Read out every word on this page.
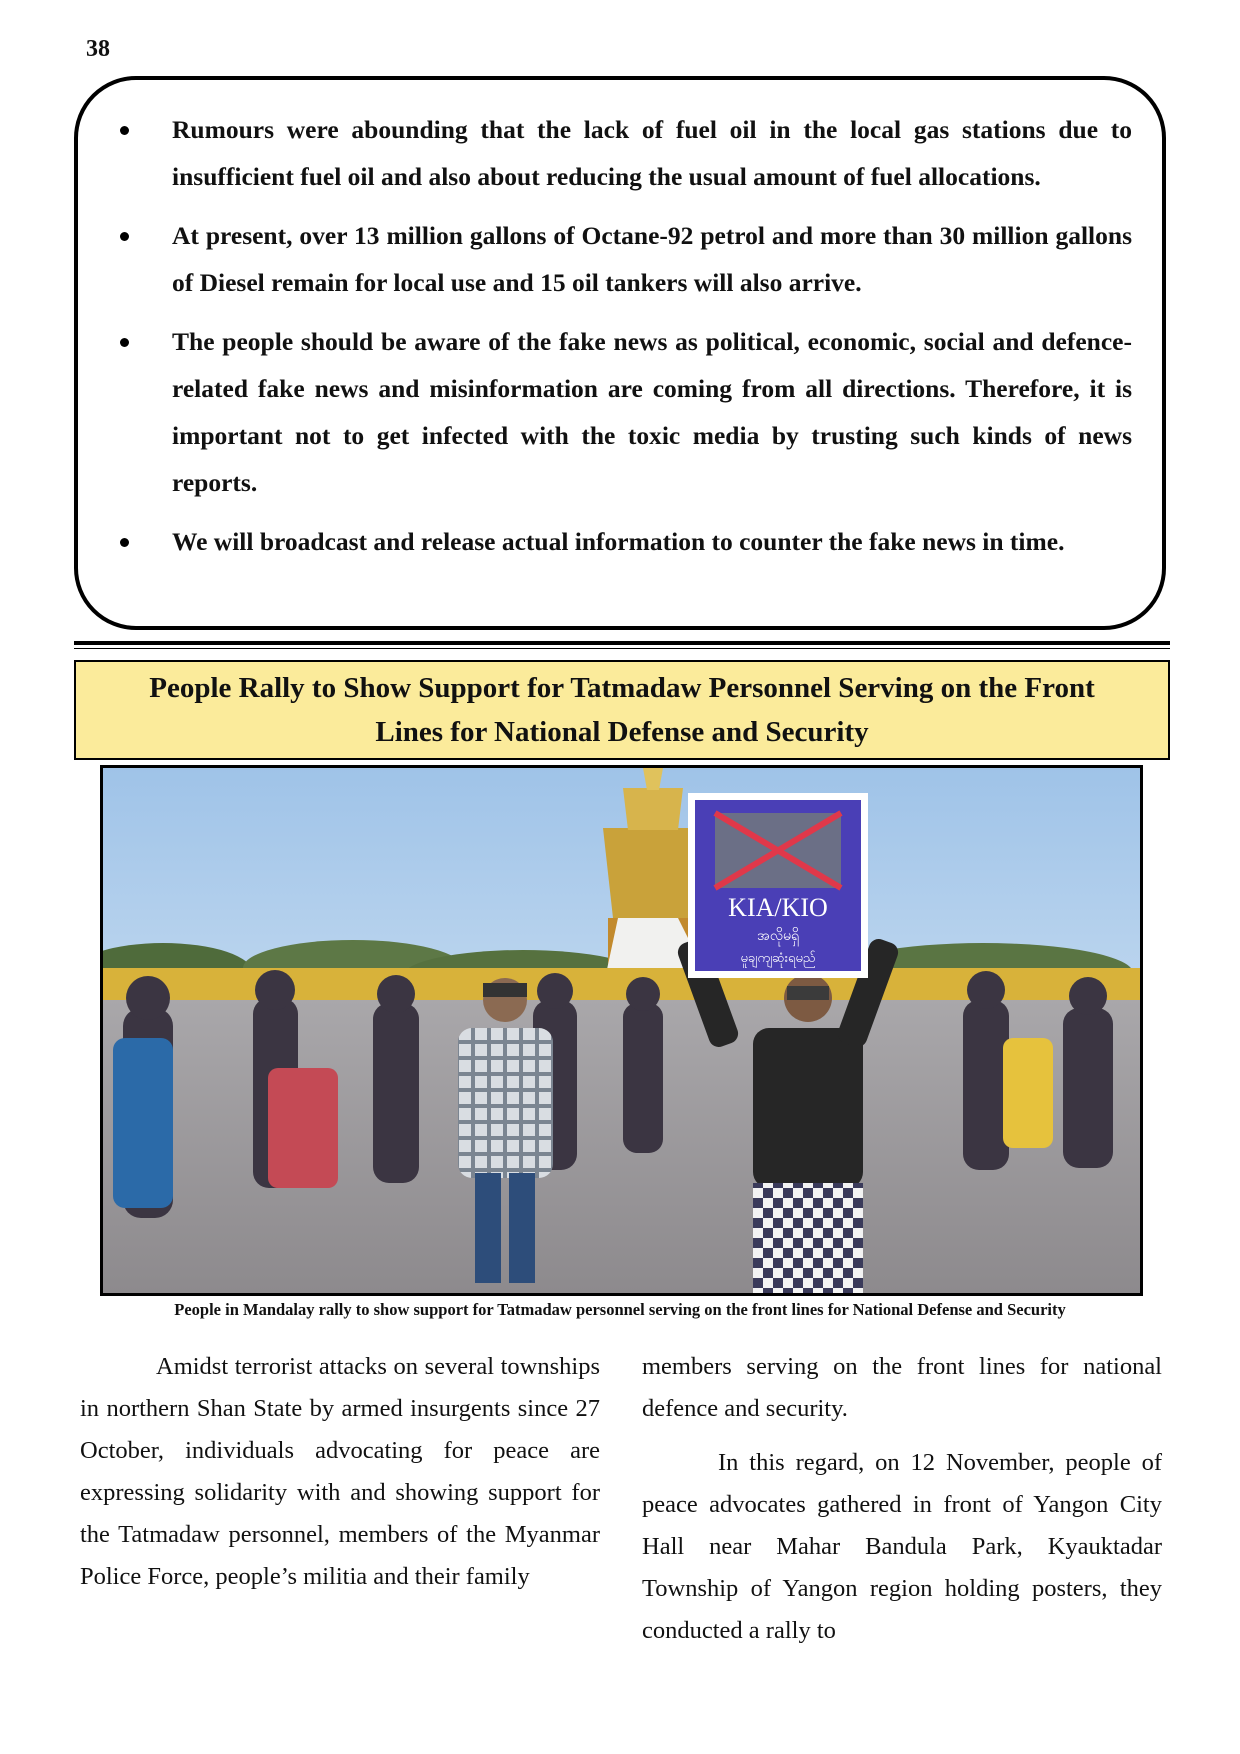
38
Rumours were abounding that the lack of fuel oil in the local gas stations due to insufficient fuel oil and also about reducing the usual amount of fuel allocations.
At present, over 13 million gallons of Octane-92 petrol and more than 30 million gallons of Diesel remain for local use and 15 oil tankers will also arrive.
The people should be aware of the fake news as political, economic, social and defence-related fake news and misinformation are coming from all directions. Therefore, it is important not to get infected with the toxic media by trusting such kinds of news reports.
We will broadcast and release actual information to counter the fake news in time.
People Rally to Show Support for Tatmadaw Personnel Serving on the Front Lines for National Defense and Security
KIA/KIO
အလိုမရှိ
မူချကျဆုံးရမည်
People in Mandalay rally to show support for Tatmadaw personnel serving on the front lines for National Defense and Security

Amidst terrorist attacks on several townships in northern Shan State by armed insurgents since 27 October, individuals advocating for peace are expressing solidarity with and showing support for the Tatmadaw personnel, members of the Myanmar Police Force, people’s militia and their family

members serving on the front lines for national defence and security.

In this regard, on 12 November, people of peace advocates gathered in front of Yangon City Hall near Mahar Bandula Park, Kyauktadar Township of Yangon region holding posters, they conducted a rally to
